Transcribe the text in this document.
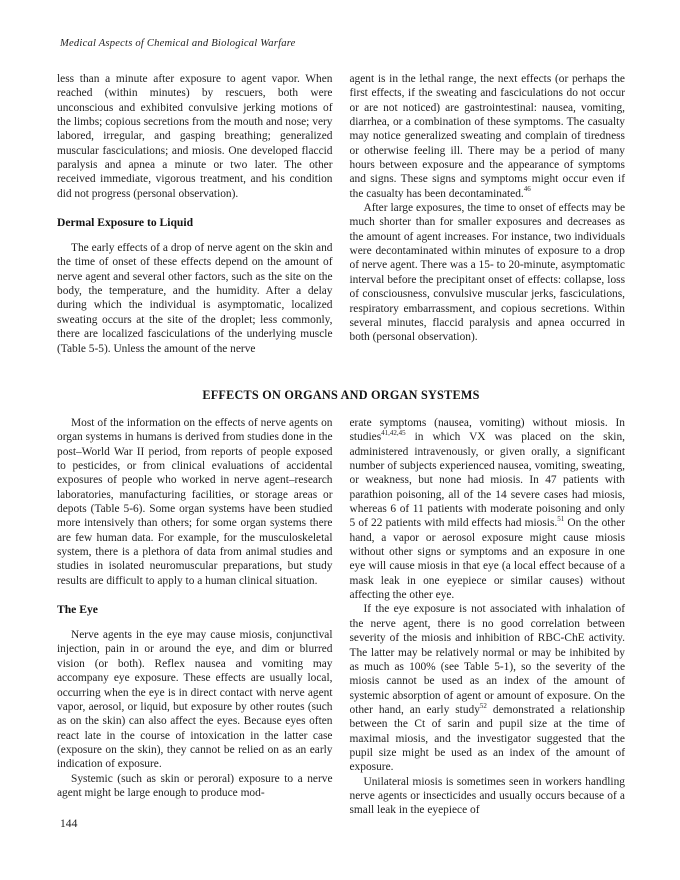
Medical Aspects of Chemical and Biological Warfare

less than a minute after exposure to agent vapor. When reached (within minutes) by rescuers, both were unconscious and exhibited convulsive jerking motions of the limbs; copious secretions from the mouth and nose; very labored, irregular, and gasping breathing; generalized muscular fasciculations; and miosis. One developed flaccid paralysis and apnea a minute or two later. The other received immediate, vigorous treatment, and his condition did not progress (personal observation).

Dermal Exposure to Liquid

The early effects of a drop of nerve agent on the skin and the time of onset of these effects depend on the amount of nerve agent and several other factors, such as the site on the body, the temperature, and the humidity. After a delay during which the individual is asymptomatic, localized sweating occurs at the site of the droplet; less commonly, there are localized fasciculations of the underlying muscle (Table 5-5). Unless the amount of the nerve

agent is in the lethal range, the next effects (or perhaps the first effects, if the sweating and fasciculations do not occur or are not noticed) are gastrointestinal: nausea, vomiting, diarrhea, or a combination of these symptoms. The casualty may notice generalized sweating and complain of tiredness or otherwise feeling ill. There may be a period of many hours between exposure and the appearance of symptoms and signs. These signs and symptoms might occur even if the casualty has been decontaminated.$^{46}$

After large exposures, the time to onset of effects may be much shorter than for smaller exposures and decreases as the amount of agent increases. For instance, two individuals were decontaminated within minutes of exposure to a drop of nerve agent. There was a 15- to 20-minute, asymptomatic interval before the precipitant onset of effects: collapse, loss of consciousness, convulsive muscular jerks, fasciculations, respiratory embarrassment, and copious secretions. Within several minutes, flaccid paralysis and apnea occurred in both (personal observation).

EFFECTS ON ORGANS AND ORGAN SYSTEMS

Most of the information on the effects of nerve agents on organ systems in humans is derived from studies done in the post–World War II period, from reports of people exposed to pesticides, or from clinical evaluations of accidental exposures of people who worked in nerve agent–research laboratories, manufacturing facilities, or storage areas or depots (Table 5-6). Some organ systems have been studied more intensively than others; for some organ systems there are few human data. For example, for the musculoskeletal system, there is a plethora of data from animal studies and studies in isolated neuromuscular preparations, but study results are difficult to apply to a human clinical situation.

The Eye

Nerve agents in the eye may cause miosis, conjunctival injection, pain in or around the eye, and dim or blurred vision (or both). Reflex nausea and vomiting may accompany eye exposure. These effects are usually local, occurring when the eye is in direct contact with nerve agent vapor, aerosol, or liquid, but exposure by other routes (such as on the skin) can also affect the eyes. Because eyes often react late in the course of intoxication in the latter case (exposure on the skin), they cannot be relied on as an early indication of exposure.

Systemic (such as skin or peroral) exposure to a nerve agent might be large enough to produce mod-

erate symptoms (nausea, vomiting) without miosis. In studies$^{41,42,45}$ in which VX was placed on the skin, administered intravenously, or given orally, a significant number of subjects experienced nausea, vomiting, sweating, or weakness, but none had miosis. In 47 patients with parathion poisoning, all of the 14 severe cases had miosis, whereas 6 of 11 patients with moderate poisoning and only 5 of 22 patients with mild effects had miosis.$^{51}$ On the other hand, a vapor or aerosol exposure might cause miosis without other signs or symptoms and an exposure in one eye will cause miosis in that eye (a local effect because of a mask leak in one eyepiece or similar causes) without affecting the other eye.

If the eye exposure is not associated with inhalation of the nerve agent, there is no good correlation between severity of the miosis and inhibition of RBC-ChE activity. The latter may be relatively normal or may be inhibited by as much as 100% (see Table 5-1), so the severity of the miosis cannot be used as an index of the amount of systemic absorption of agent or amount of exposure. On the other hand, an early study$^{52}$ demonstrated a relationship between the Ct of sarin and pupil size at the time of maximal miosis, and the investigator suggested that the pupil size might be used as an index of the amount of exposure.

Unilateral miosis is sometimes seen in workers handling nerve agents or insecticides and usually occurs because of a small leak in the eyepiece of

144
